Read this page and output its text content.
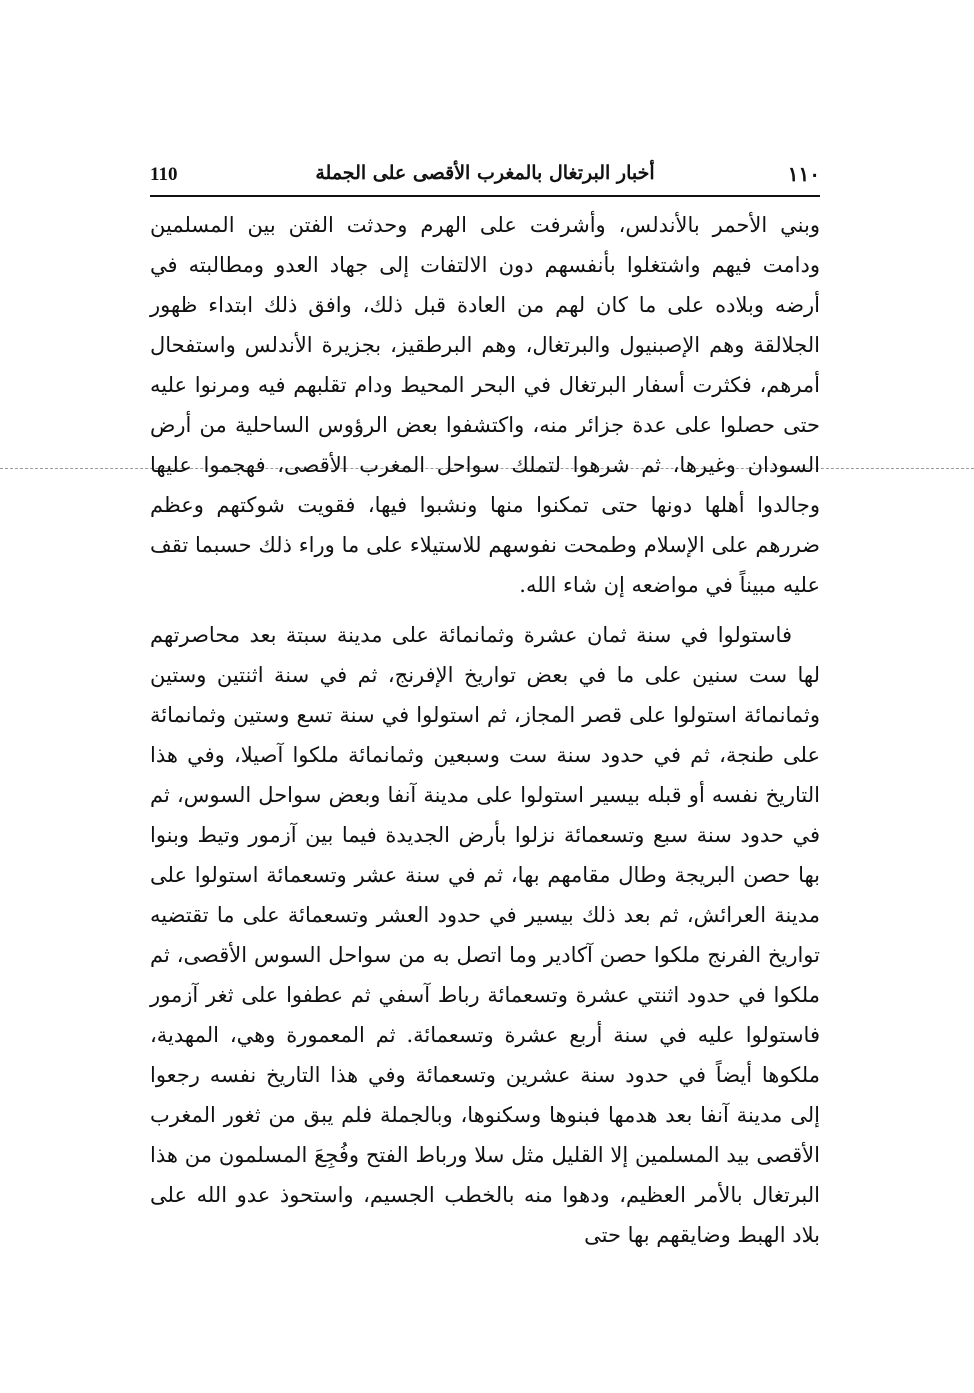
110	أخبار البرتغال بالمغرب الأقصى على الجملة	١١٠

وبني الأحمر بالأندلس، وأشرفت على الهرم وحدثت الفتن بين المسلمين ودامت فيهم واشتغلوا بأنفسهم دون الالتفات إلى جهاد العدو ومطالبته في أرضه وبلاده على ما كان لهم من العادة قبل ذلك، وافق ذلك ابتداء ظهور الجلالقة وهم الإصبنيول والبرتغال، وهم البرطقيز، بجزيرة الأندلس واستفحال أمرهم، فكثرت أسفار البرتغال في البحر المحيط ودام تقلبهم فيه ومرنوا عليه حتى حصلوا على عدة جزائر منه، واكتشفوا بعض الرؤوس الساحلية من أرض السودان وغيرها، ثم شرهوا لتملك سواحل المغرب الأقصى، فهجموا عليها وجالدوا أهلها دونها حتى تمكنوا منها ونشبوا فيها، فقويت شوكتهم وعظم ضررهم على الإسلام وطمحت نفوسهم للاستيلاء على ما وراء ذلك حسبما تقف عليه مبيناً في مواضعه إن شاء الله.

فاستولوا في سنة ثمان عشرة وثمانمائة على مدينة سبتة بعد محاصرتهم لها ست سنين على ما في بعض تواريخ الإفرنج، ثم في سنة اثنتين وستين وثمانمائة استولوا على قصر المجاز، ثم استولوا في سنة تسع وستين وثمانمائة على طنجة، ثم في حدود سنة ست وسبعين وثمانمائة ملكوا آصيلا، وفي هذا التاريخ نفسه أو قبله بيسير استولوا على مدينة آنفا وبعض سواحل السوس، ثم في حدود سنة سبع وتسعمائة نزلوا بأرض الجديدة فيما بين آزمور وتيط وبنوا بها حصن البريجة وطال مقامهم بها، ثم في سنة عشر وتسعمائة استولوا على مدينة العرائش، ثم بعد ذلك بيسير في حدود العشر وتسعمائة على ما تقتضيه تواريخ الفرنج ملكوا حصن آكادير وما اتصل به من سواحل السوس الأقصى، ثم ملكوا في حدود اثنتي عشرة وتسعمائة رباط آسفي ثم عطفوا على ثغر آزمور فاستولوا عليه في سنة أربع عشرة وتسعمائة. ثم المعمورة وهي، المهدية، ملكوها أيضاً في حدود سنة عشرين وتسعمائة وفي هذا التاريخ نفسه رجعوا إلى مدينة آنفا بعد هدمها فبنوها وسكنوها، وبالجملة فلم يبق من ثغور المغرب الأقصى بيد المسلمين إلا القليل مثل سلا ورباط الفتح وفُجِعَ المسلمون من هذا البرتغال بالأمر العظيم، ودهوا منه بالخطب الجسيم، واستحوذ عدو الله على بلاد الهبط وضايقهم بها حتى
